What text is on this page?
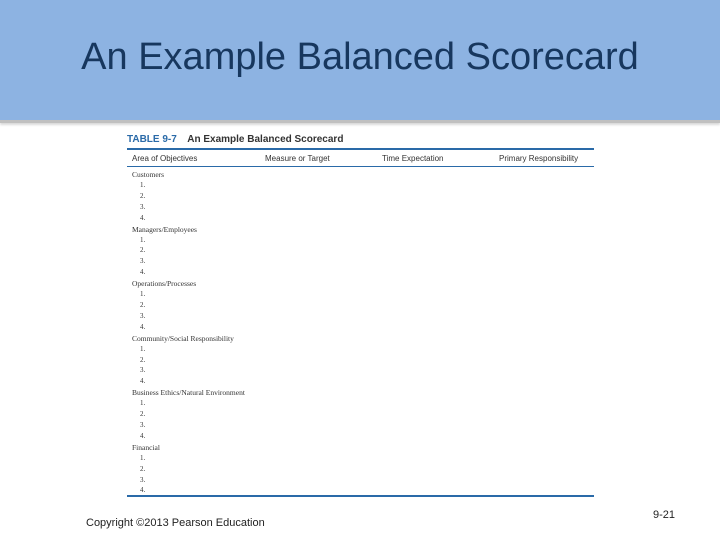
An Example Balanced Scorecard
TABLE 9-7 An Example Balanced Scorecard
Area of Objectives	Measure or Target	Time Expectation	Primary Responsibility
Customers
1.
2.
3.
4.
Managers/Employees
1.
2.
3.
4.
Operations/Processes
1.
2.
3.
4.
Community/Social Responsibility
1.
2.
3.
4.
Business Ethics/Natural Environment
1.
2.
3.
4.
Financial
1.
2.
3.
4.
Copyright ©2013 Pearson Education
9-21
